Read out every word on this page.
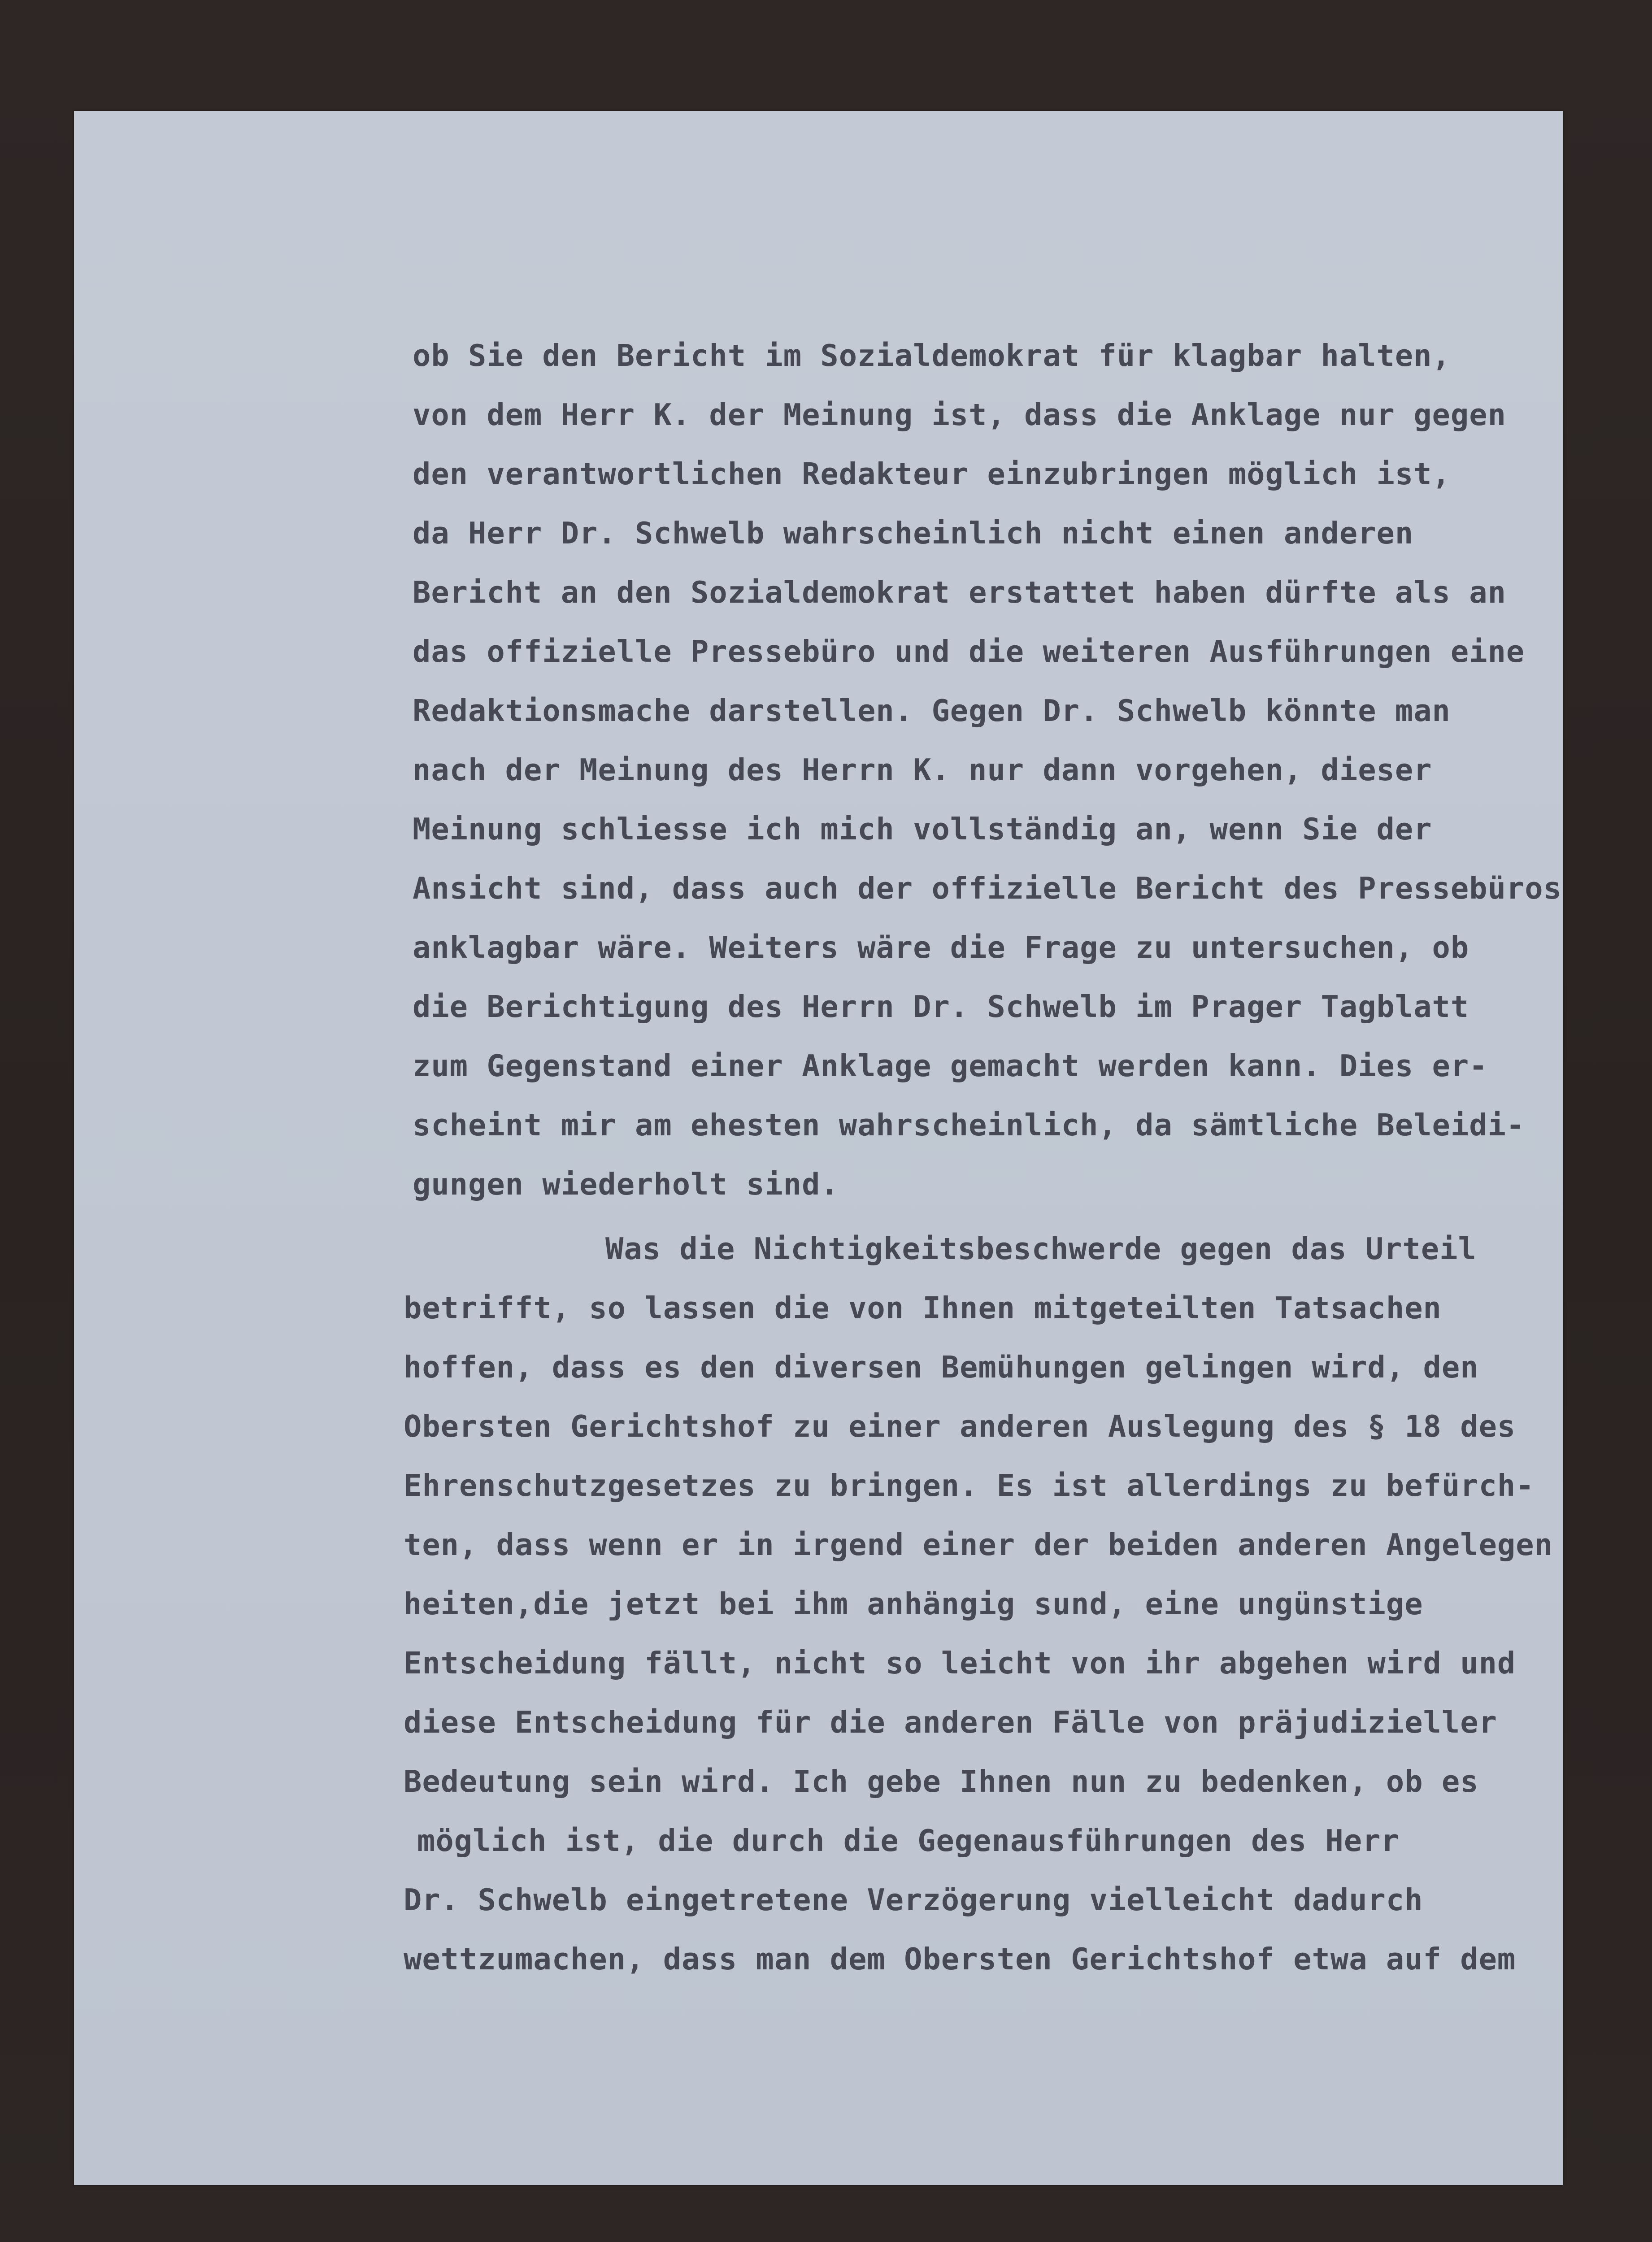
ob Sie den Bericht im Sozialdemokrat für klagbar halten,
von dem Herr K. der Meinung ist, dass die Anklage nur gegen
den verantwortlichen Redakteur einzubringen möglich ist,
da Herr Dr. Schwelb wahrscheinlich nicht einen anderen
Bericht an den Sozialdemokrat erstattet haben dürfte als an
das offizielle Pressebüro und die weiteren Ausführungen eine
Redaktionsmache darstellen. Gegen Dr. Schwelb könnte man
nach der Meinung des Herrn K. nur dann vorgehen, dieser
Meinung schliesse ich mich vollständig an, wenn Sie der
Ansicht sind, dass auch der offizielle Bericht des Pressebüros
anklagbar wäre. Weiters wäre die Frage zu untersuchen, ob
die Berichtigung des Herrn Dr. Schwelb im Prager Tagblatt
zum Gegenstand einer Anklage gemacht werden kann. Dies er-
scheint mir am ehesten wahrscheinlich, da sämtliche Beleidi-
gungen wiederholt sind.
Was die Nichtigkeitsbeschwerde gegen das Urteil
betrifft, so lassen die von Ihnen mitgeteilten Tatsachen
hoffen, dass es den diversen Bemühungen gelingen wird, den
Obersten Gerichtshof zu einer anderen Auslegung des § 18 des
Ehrenschutzgesetzes zu bringen. Es ist allerdings zu befürch-
ten, dass wenn er in irgend einer der beiden anderen Angelegen
heiten,die jetzt bei ihm anhängig sund, eine ungünstige
Entscheidung fällt, nicht so leicht von ihr abgehen wird und
diese Entscheidung für die anderen Fälle von präjudizieller
Bedeutung sein wird. Ich gebe Ihnen nun zu bedenken, ob es
möglich ist, die durch die Gegenausführungen des Herr
Dr. Schwelb eingetretene Verzögerung vielleicht dadurch
wettzumachen, dass man dem Obersten Gerichtshof etwa auf dem
